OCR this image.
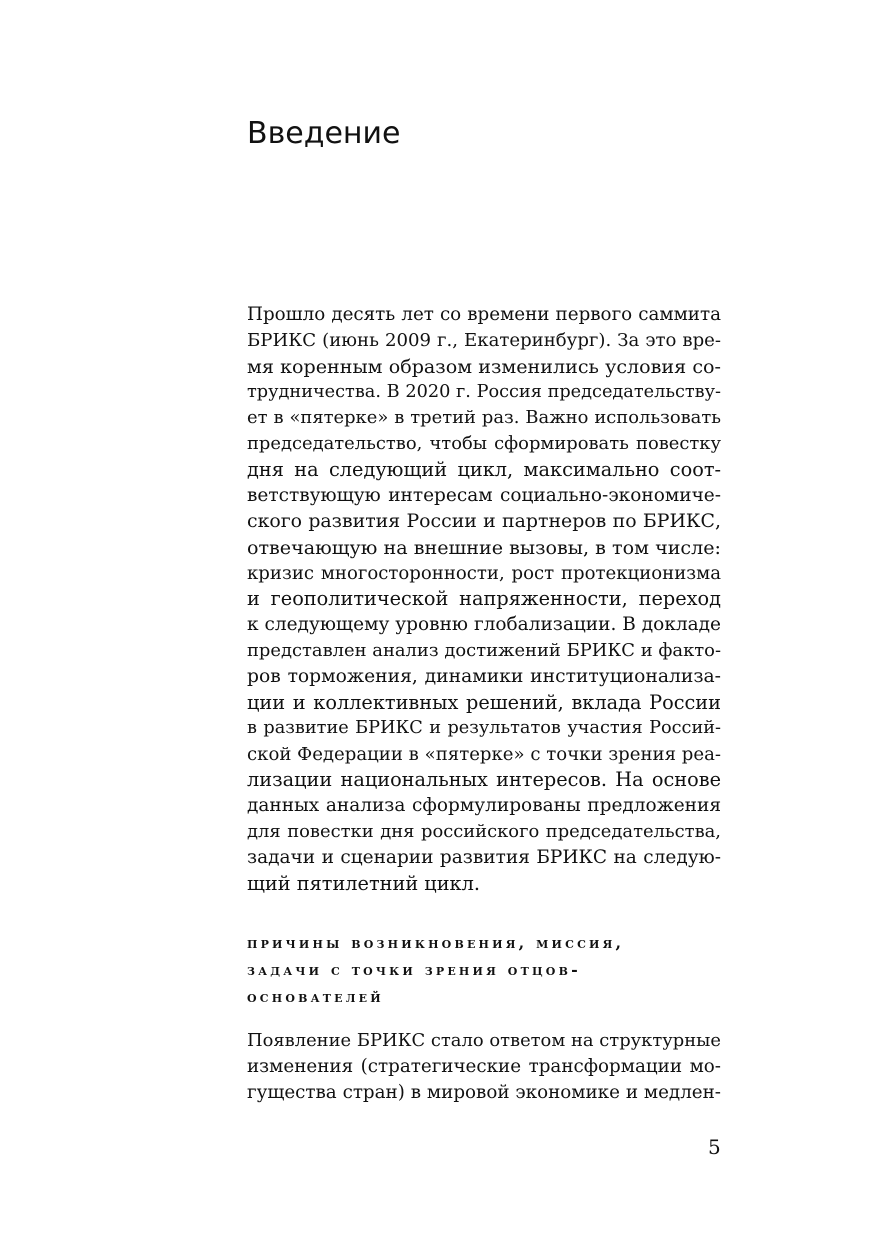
Введение
Прошло десять лет со времени первого саммита
БРИКС (июнь 2009 г., Екатеринбург). За это вре-
мя коренным образом изменились условия со-
трудничества. В 2020 г. Россия председательству-
ет в «пятерке» в третий раз. Важно использовать
председательство, чтобы сформировать повестку
дня на следующий цикл, максимально соот-
ветствующую интересам социально-экономиче-
ского развития России и партнеров по БРИКС,
отвечающую на внешние вызовы, в том числе:
кризис многосторонности, рост протекционизма
и геополитической напряженности, переход
к следующему уровню глобализации. В докладе
представлен анализ достижений БРИКС и факто-
ров торможения, динамики институционализа-
ции и коллективных решений, вклада России
в развитие БРИКС и результатов участия Россий-
ской Федерации в «пятерке» с точки зрения реа-
лизации национальных интересов. На основе
данных анализа сформулированы предложения
для повестки дня российского председательства,
задачи и сценарии развития БРИКС на следую-
щий пятилетний цикл.
причины возникновения, миссия,
задачи с точки зрения отцов-
основателей
Появление БРИКС стало ответом на структурные
изменения (стратегические трансформации мо-
гущества стран) в мировой экономике и медлен-
5
